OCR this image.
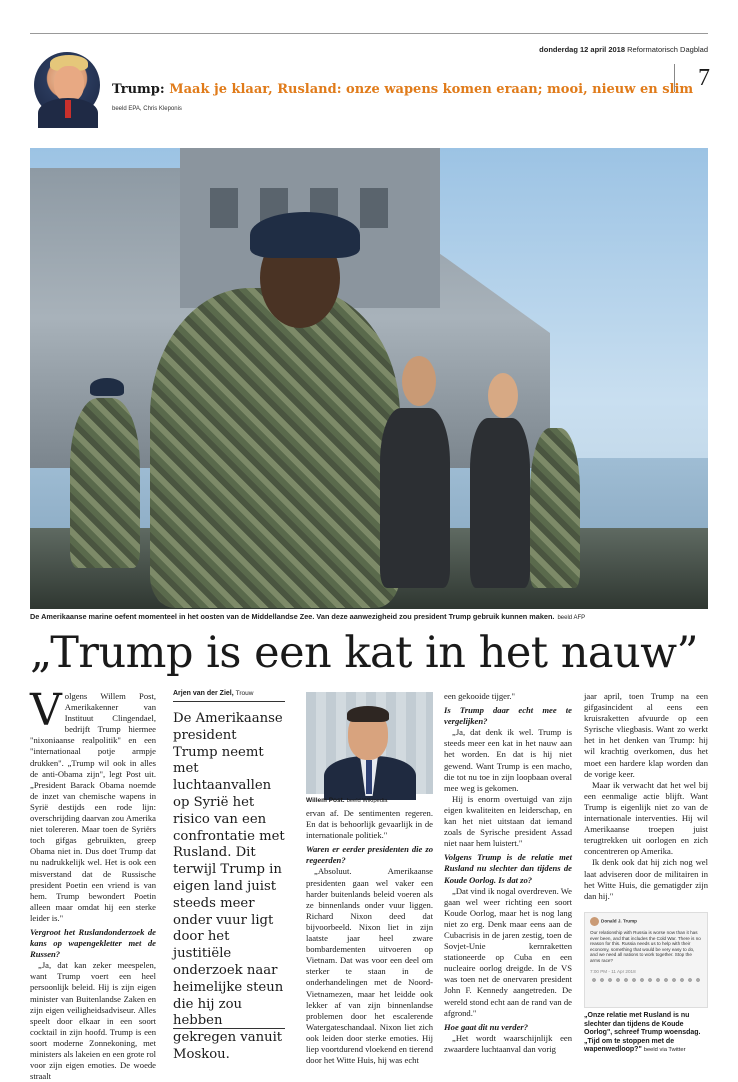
donderdag 12 april 2018 Reformatorisch Dagblad
7
Trump: Maak je klaar, Rusland: onze wapens komen eraan; mooi, nieuw en slim
beeld EPA, Chris Kleponis
De Amerikaanse marine oefent momenteel in het oosten van de Middellandse Zee. Van deze aanwezigheid zou president Trump gebruik kunnen maken. beeld AFP
„Trump is een kat in het nauw”
V olgens Willem Post, Amerikakenner van Instituut Clingendael, bedrijft Trump hiermee "nixoniaanse realpolitik" en een "internationaal potje armpje drukken". „Trump wil ook in alles de anti-Obama zijn", legt Post uit. „President Barack Obama noemde de inzet van chemische wapens in Syrië destijds een rode lijn: overschrijding daarvan zou Amerika niet tolereren. Maar toen de Syriërs toch gifgas gebruikten, greep Obama niet in. Dus doet Trump dat nu nadrukkelijk wel. Het is ook een misverstand dat de Russische president Poetin een vriend is van hem. Trump bewondert Poetin alleen maar omdat hij een sterke leider is."

Vergroot het Ruslandonderzoek de kans op wapengekletter met de Russen?

„Ja, dat kan zeker meespelen, want Trump voert een heel persoonlijk beleid. Hij is zijn eigen minister van Buitenlandse Zaken en zijn eigen veiligheidsadviseur. Alles speelt door elkaar in een soort cocktail in zijn hoofd. Trump is een soort moderne Zonnekoning, met ministers als lakeien en een grote rol voor zijn eigen emoties. De woede straalt

Arjen van der Ziel, Trouw
De Amerikaanse president Trump neemt met luchtaanvallen op Syrië het risico van een confrontatie met Rusland. Dit terwijl Trump in eigen land juist steeds meer onder vuur ligt door het justitiële onderzoek naar heimelijke steun die hij zou hebben gekregen vanuit Moskou.
Willem Post. beeld Wikipedia

ervan af. De sentimenten regeren. En dat is behoorlijk gevaarlijk in de internationale politiek."

Waren er eerder presidenten die zo regeerden?

„Absoluut. Amerikaanse presidenten gaan wel vaker een harder buitenlands beleid voeren als ze binnenlands onder vuur liggen. Richard Nixon deed dat bijvoorbeeld. Nixon liet in zijn laatste jaar heel zware bombardementen uitvoeren op Vietnam. Dat was voor een deel om sterker te staan in de onderhandelingen met de Noord-Vietnamezen, maar het leidde ook lekker af van zijn binnenlandse problemen door het escalerende Watergateschandaal. Nixon liet zich ook leiden door sterke emoties. Hij liep voortdurend vloekend en tierend door het Witte Huis, hij was echt

een gekooide tijger."

Is Trump daar echt mee te vergelijken?

„Ja, dat denk ik wel. Trump is steeds meer een kat in het nauw aan het worden. En dat is hij niet gewend. Want Trump is een macho, die tot nu toe in zijn loopbaan overal mee weg is gekomen.

Hij is enorm overtuigd van zijn eigen kwaliteiten en leiderschap, en kan het niet uitstaan dat iemand zoals de Syrische president Assad niet naar hem luistert."

Volgens Trump is de relatie met Rusland nu slechter dan tijdens de Koude Oorlog. Is dat zo?

„Dat vind ik nogal overdreven. We gaan wel weer richting een soort Koude Oorlog, maar het is nog lang niet zo erg. Denk maar eens aan de Cubacrisis in de jaren zestig, toen de Sovjet-Unie kernraketten stationeerde op Cuba en een nucleaire oorlog dreigde. In de VS was toen net de onervaren president John F. Kennedy aangetreden. De wereld stond echt aan de rand van de afgrond."

Hoe gaat dit nu verder?

„Het wordt waarschijnlijk een zwaardere luchtaanval dan vorig

jaar april, toen Trump na een gifgasincident al eens een kruisraketten afvuurde op een Syrische vliegbasis. Want zo werkt het in het denken van Trump: hij wil krachtig overkomen, dus het moet een hardere klap worden dan de vorige keer.

Maar ik verwacht dat het wel bij een eenmalige actie blijft. Want Trump is eigenlijk niet zo van de internationale interventies. Hij wil Amerikaanse troepen juist terugtrekken uit oorlogen en zich concentreren op Amerika.

Ik denk ook dat hij zich nog wel laat adviseren door de militairen in het Witte Huis, die gematigder zijn dan hij."

Donald J. Trump
Our relationship with Russia is worse now than it has ever been, and that includes the Cold War. There is no reason for this. Russia needs us to help with their economy, something that would be very easy to do, and we need all nations to work together. Stop the arms race?
7:00 PM - 11 Apr 2018
„Onze relatie met Rusland is nu slechter dan tijdens de Koude Oorlog", schreef Trump woensdag. „Tijd om te stoppen met de wapenwedloop?" beeld via Twitter
